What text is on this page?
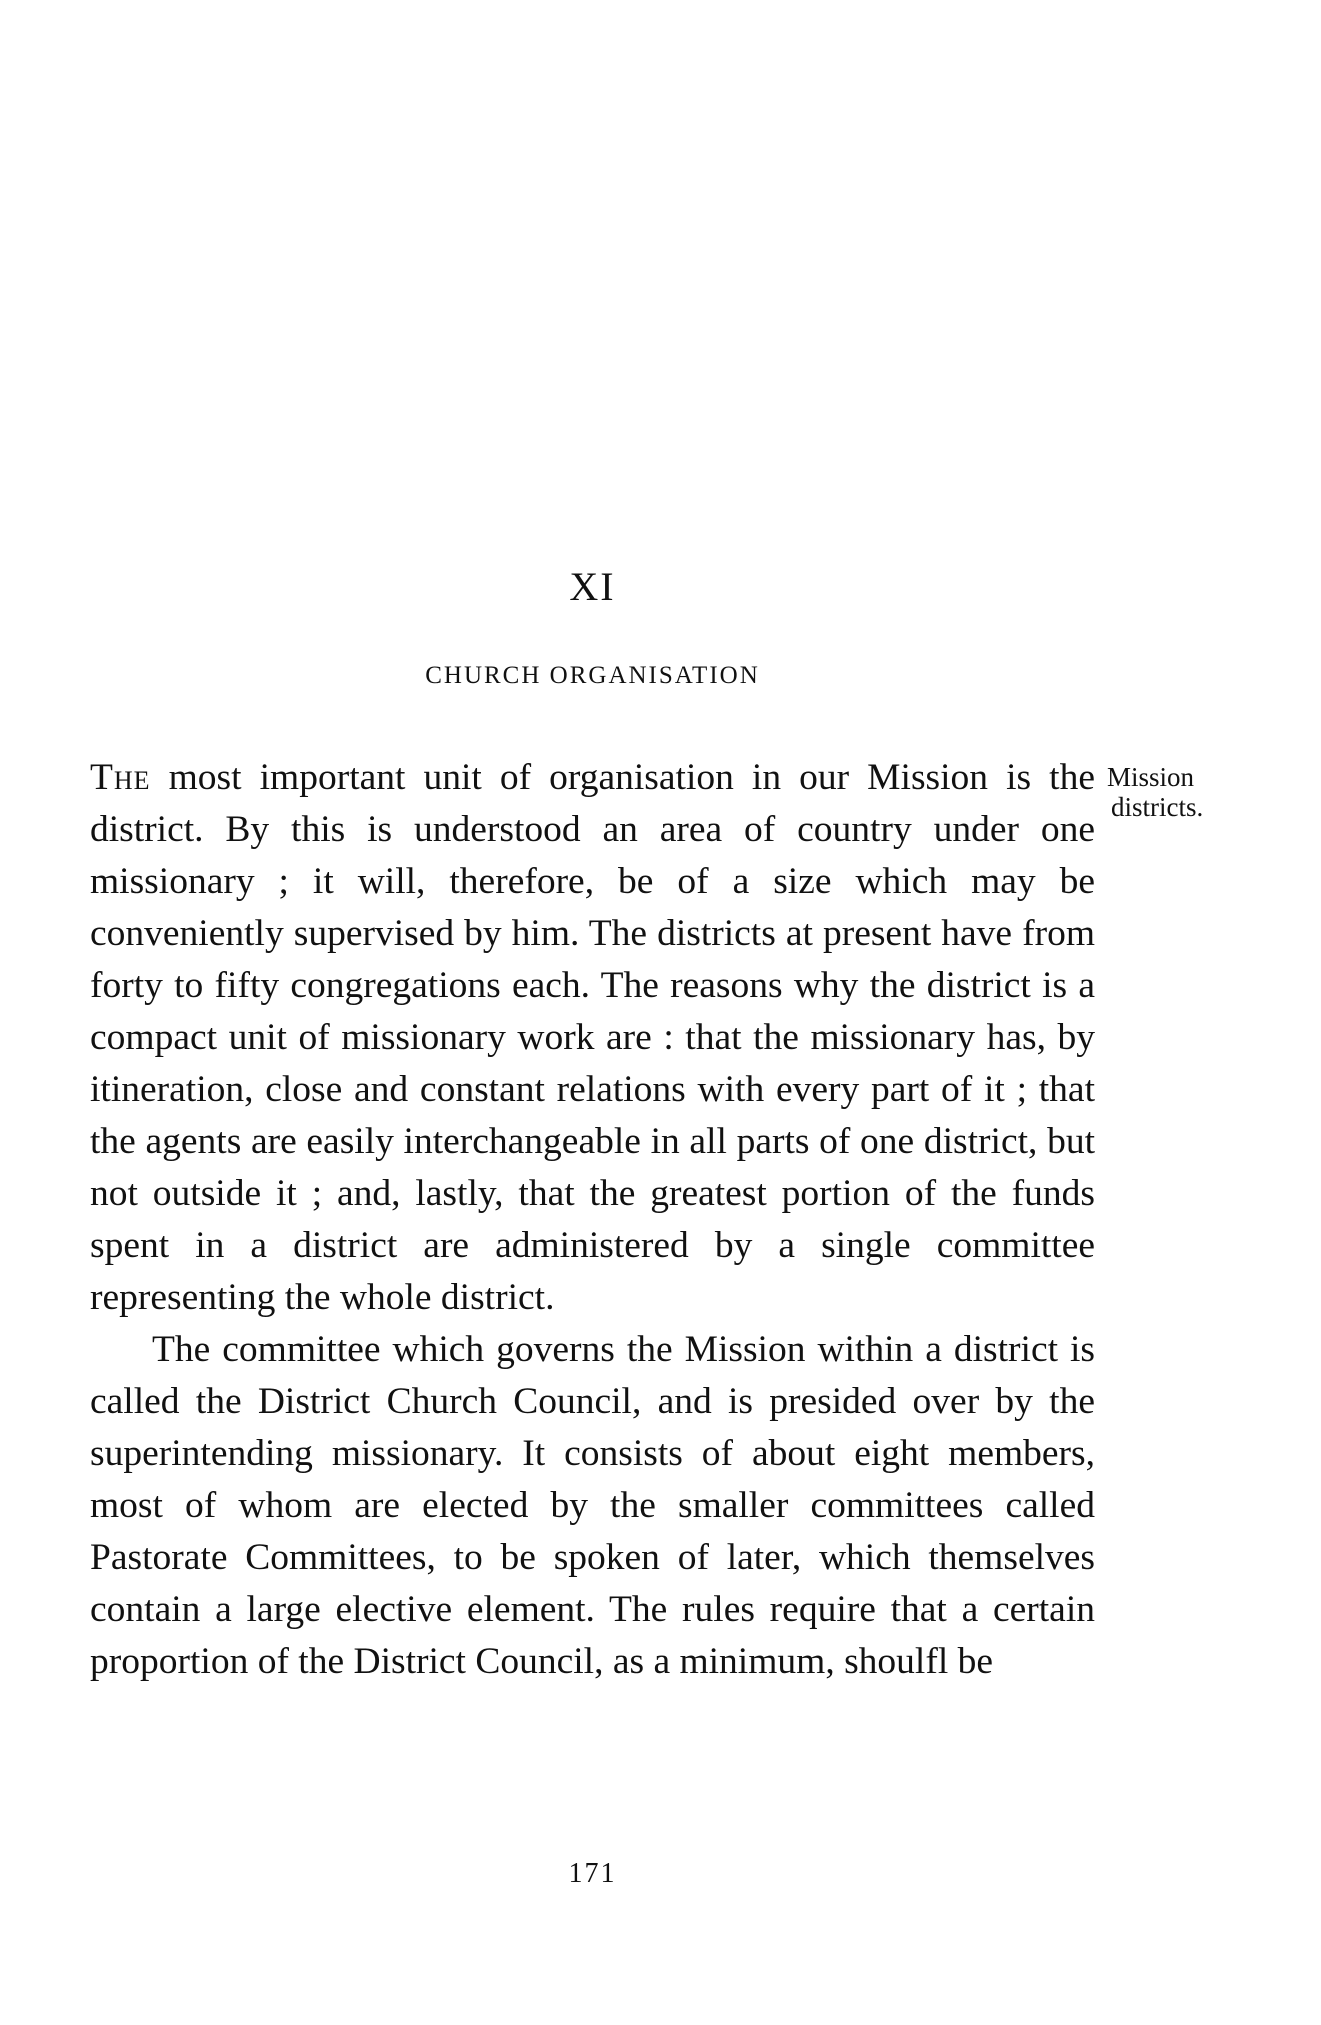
XI
CHURCH ORGANISATION

The most important unit of organisation in our Mission is the district. By this is understood an area of country under one missionary ; it will, therefore, be of a size which may be conveniently supervised by him. The districts at present have from forty to fifty congregations each. The reasons why the district is a compact unit of missionary work are : that the missionary has, by itineration, close and constant relations with every part of it ; that the agents are easily interchangeable in all parts of one district, but not outside it ; and, lastly, that the greatest portion of the funds spent in a district are administered by a single committee representing the whole district.

The committee which governs the Mission within a district is called the District Church Council, and is presided over by the superintending missionary. It consists of about eight members, most of whom are elected by the smaller committees called Pastorate Committees, to be spoken of later, which themselves contain a large elective element. The rules require that a certain proportion of the District Council, as a minimum, shoulfl be

Mission
districts.
171
